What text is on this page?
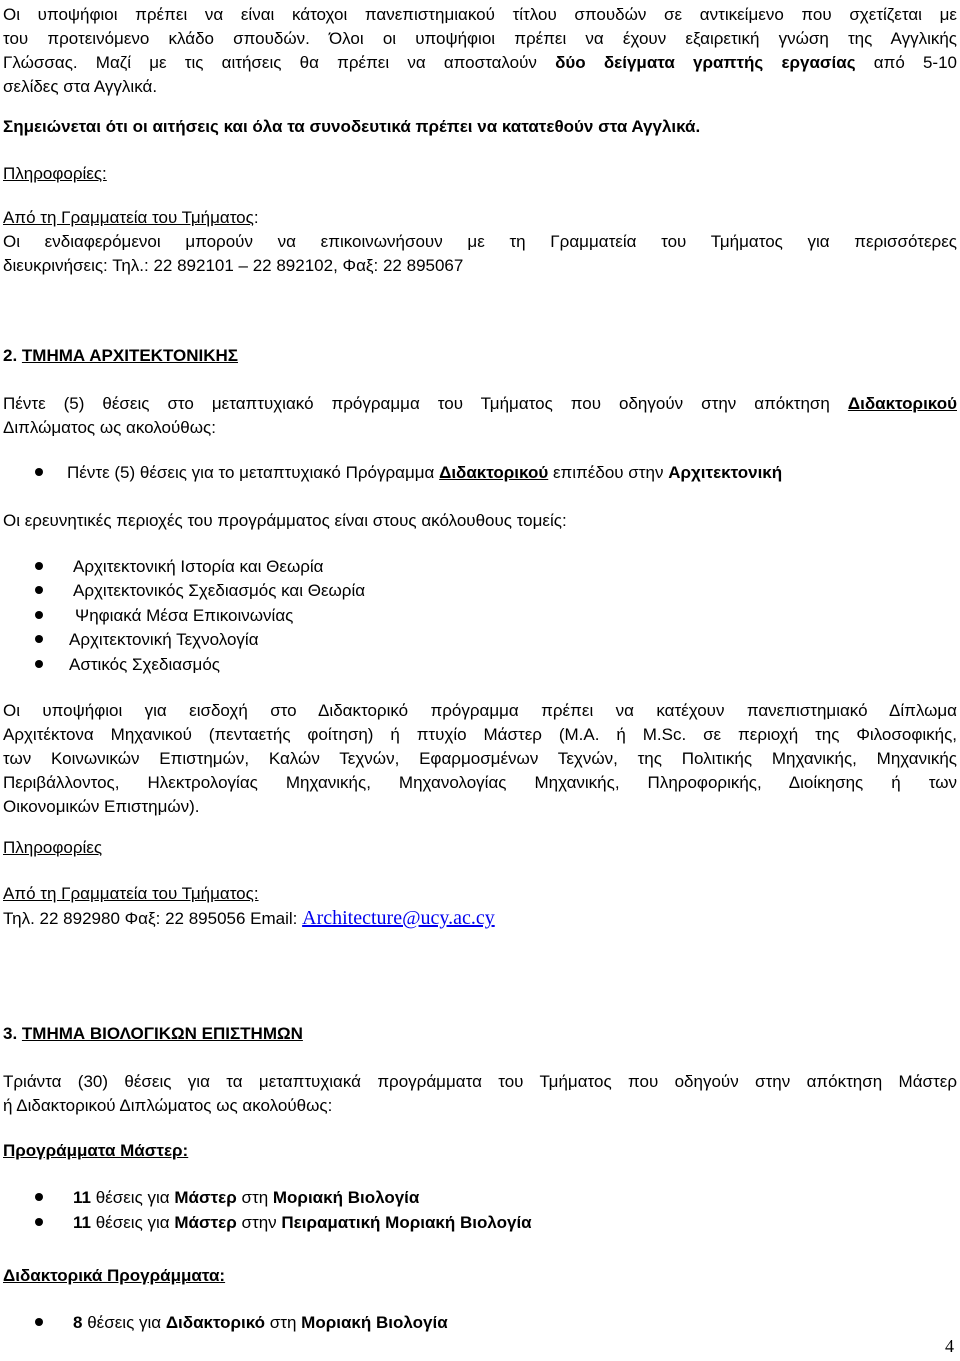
Οι υποψήφιοι πρέπει να είναι κάτοχοι πανεπιστημιακού τίτλου σπουδών σε αντικείμενο που σχετίζεται με
του προτεινόμενο κλάδο σπουδών. Όλοι οι υποψήφιοι πρέπει να έχουν εξαιρετική γνώση της Αγγλικής
Γλώσσας. Μαζί με τις αιτήσεις θα πρέπει να αποσταλούν δύο δείγματα γραπτής εργασίας από 5-10
σελίδες στα Αγγλικά.
Σημειώνεται ότι οι αιτήσεις και όλα τα συνοδευτικά πρέπει να κατατεθούν στα Αγγλικά.
Πληροφορίες:
Από τη Γραμματεία του Τμήματος:
Οι ενδιαφερόμενοι μπορούν να επικοινωνήσουν με τη Γραμματεία του Τμήματος για περισσότερες
διευκρινήσεις: Τηλ.: 22 892101 – 22 892102, Φαξ: 22 895067
2. ΤΜΗΜΑ ΑΡΧΙΤΕΚΤΟΝΙΚΗΣ
Πέντε (5) θέσεις στο μεταπτυχιακό πρόγραμμα του Τμήματος που οδηγούν στην απόκτηση Διδακτορικού
Διπλώματος ως ακολούθως:
Πέντε (5) θέσεις για το μεταπτυχιακό Πρόγραμμα Διδακτορικού επιπέδου στην Αρχιτεκτονική
Οι ερευνητικές περιοχές του προγράμματος είναι στους ακόλουθους τομείς:
Αρχιτεκτονική Ιστορία και Θεωρία
Αρχιτεκτονικός Σχεδιασμός και Θεωρία
Ψηφιακά Μέσα Επικοινωνίας
Αρχιτεκτονική Τεχνολογία
Αστικός Σχεδιασμός
Οι υποψήφιοι για εισδοχή στο Διδακτορικό πρόγραμμα πρέπει να κατέχουν πανεπιστημιακό Δίπλωμα
Αρχιτέκτονα Μηχανικού (πενταετής φοίτηση) ή πτυχίο Μάστερ (M.A. ή M.Sc. σε περιοχή της Φιλοσοφικής,
των Κοινωνικών Επιστημών, Καλών Τεχνών, Εφαρμοσμένων Τεχνών, της Πολιτικής Μηχανικής, Μηχανικής
Περιβάλλοντος, Ηλεκτρολογίας Μηχανικής, Μηχανολογίας Μηχανικής, Πληροφορικής, Διοίκησης ή των
Οικονομικών Επιστημών).
Πληροφορίες
Από τη Γραμματεία του Τμήματος:
Τηλ. 22 892980 Φαξ: 22 895056 Email: Architecture@ucy.ac.cy
3. ΤΜΗΜΑ ΒΙΟΛΟΓΙΚΩΝ ΕΠΙΣΤΗΜΩΝ
Τριάντα (30) θέσεις για τα μεταπτυχιακά προγράμματα του Τμήματος που οδηγούν στην απόκτηση Μάστερ
ή Διδακτορικού Διπλώματος ως ακολούθως:
Προγράμματα Μάστερ:
11 θέσεις για Μάστερ στη Μοριακή Βιολογία
11 θέσεις για Μάστερ στην Πειραματική Μοριακή Βιολογία
Διδακτορικά Προγράμματα:
8 θέσεις για Διδακτορικό στη Μοριακή Βιολογία
4
